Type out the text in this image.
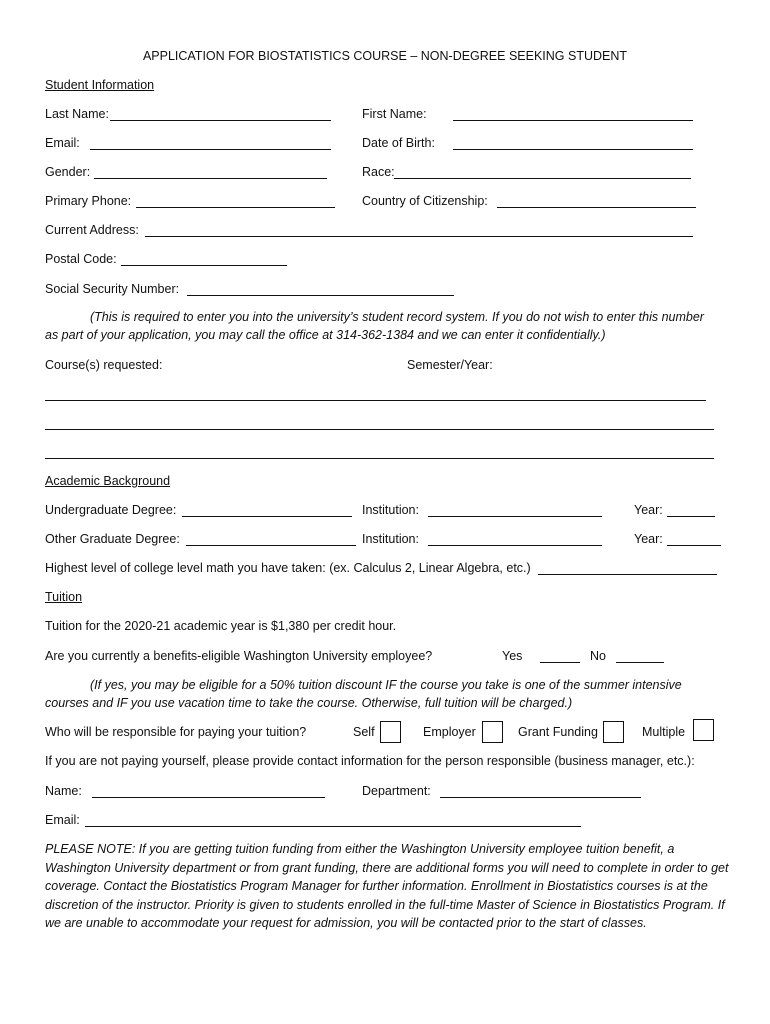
APPLICATION FOR BIOSTATISTICS COURSE – NON-DEGREE SEEKING STUDENT
Student Information
Last Name:	First Name:
Email:	Date of Birth:
Gender:	Race:
Primary Phone:	Country of Citizenship:
Current Address:
Postal Code:
Social Security Number:
(This is required to enter you into the university’s student record system. If you do not wish to enter this number
as part of your application, you may call the office at 314-362-1384 and we can enter it confidentially.)
Course(s) requested:	Semester/Year:
Academic Background
Undergraduate Degree:	Institution:	Year:
Other Graduate Degree:	Institution:	Year:
Highest level of college level math you have taken: (ex. Calculus 2, Linear Algebra, etc.)
Tuition
Tuition for the 2020-21 academic year is $1,380 per credit hour.
Are you currently a benefits-eligible Washington University employee?	Yes	No
(If yes, you may be eligible for a 50% tuition discount IF the course you take is one of the summer intensive
courses and IF you use vacation time to take the course. Otherwise, full tuition will be charged.)
Who will be responsible for paying your tuition?	Self	Employer	Grant Funding	Multiple
If you are not paying yourself, please provide contact information for the person responsible (business manager, etc.):
Name:	Department:
Email:
PLEASE NOTE: If you are getting tuition funding from either the Washington University employee tuition benefit, a Washington University department or from grant funding, there are additional forms you will need to complete in order to get coverage. Contact the Biostatistics Program Manager for further information. Enrollment in Biostatistics courses is at the discretion of the instructor. Priority is given to students enrolled in the full-time Master of Science in Biostatistics Program. If we are unable to accommodate your request for admission, you will be contacted prior to the start of classes.
